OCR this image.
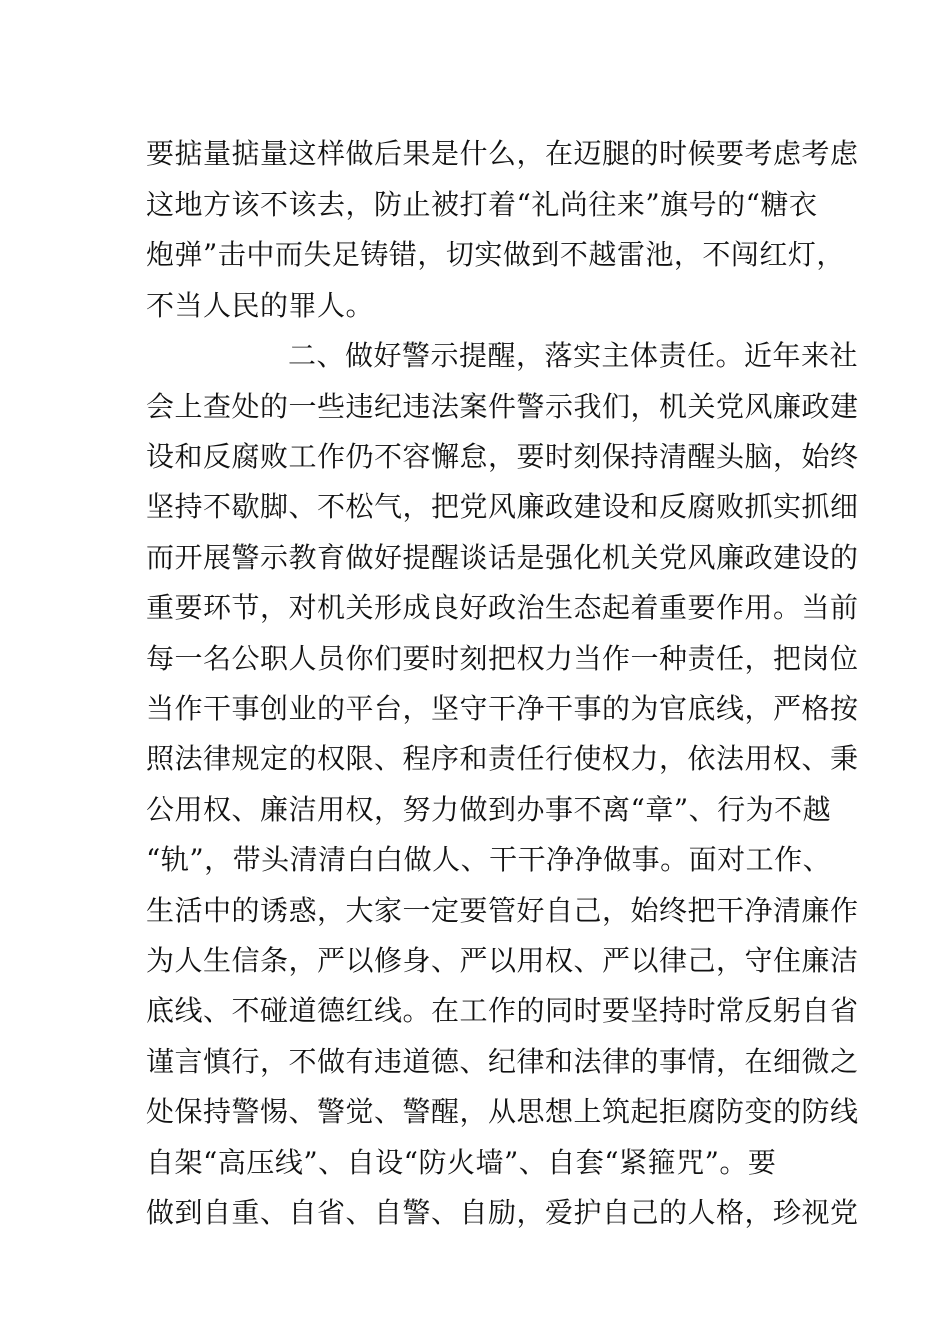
要掂量掂量这样做后果是什么，在迈腿的时候要考虑考虑
这地方该不该去，防止被打着“礼尚往来”旗号的“糖衣
炮弹”击中而失足铸错，切实做到不越雷池，不闯红灯，
不当人民的罪人。
二、做好警示提醒，落实主体责任。近年来社
会上查处的一些违纪违法案件警示我们，机关党风廉政建
设和反腐败工作仍不容懈怠，要时刻保持清醒头脑，始终
坚持不歇脚、不松气，把党风廉政建设和反腐败抓实抓细
而开展警示教育做好提醒谈话是强化机关党风廉政建设的
重要环节，对机关形成良好政治生态起着重要作用。当前
每一名公职人员你们要时刻把权力当作一种责任，把岗位
当作干事创业的平台，坚守干净干事的为官底线，严格按
照法律规定的权限、程序和责任行使权力，依法用权、秉
公用权、廉洁用权，努力做到办事不离“章”、行为不越
“轨”，带头清清白白做人、干干净净做事。面对工作、
生活中的诱惑，大家一定要管好自己，始终把干净清廉作
为人生信条，严以修身、严以用权、严以律己，守住廉洁
底线、不碰道德红线。在工作的同时要坚持时常反躬自省
谨言慎行，不做有违道德、纪律和法律的事情，在细微之
处保持警惕、警觉、警醒，从思想上筑起拒腐防变的防线
自架“高压线”、自设“防火墙”、自套“紧箍咒”。要
做到自重、自省、自警、自励，爱护自己的人格，珍视党
